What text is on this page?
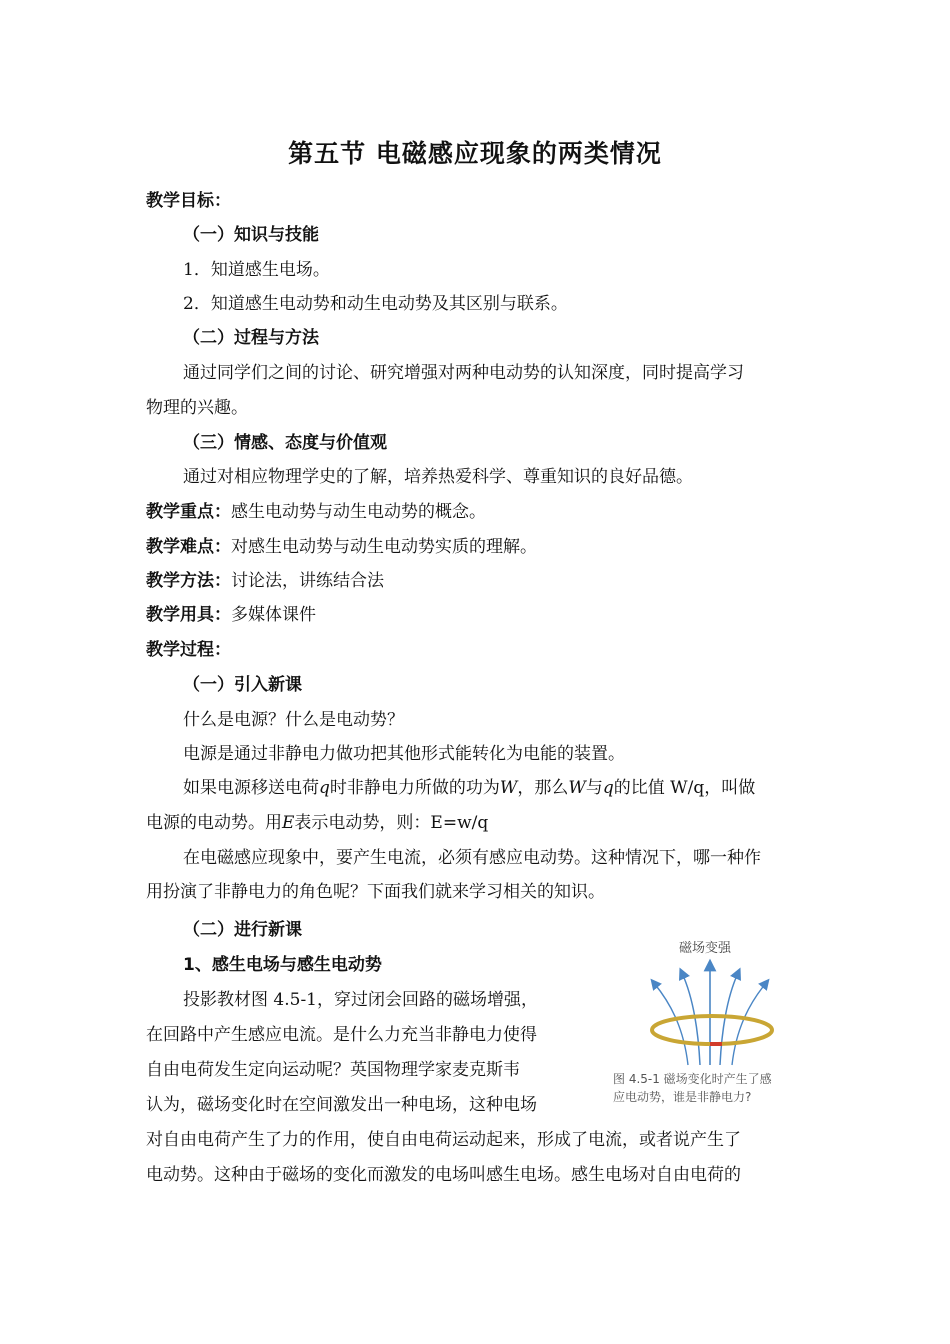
第五节 电磁感应现象的两类情况
教学目标：
（一）知识与技能
1．知道感生电场。
2．知道感生电动势和动生电动势及其区别与联系。
（二）过程与方法
通过同学们之间的讨论、研究增强对两种电动势的认知深度，同时提高学习
物理的兴趣。
（三）情感、态度与价值观
通过对相应物理学史的了解，培养热爱科学、尊重知识的良好品德。
教学重点：感生电动势与动生电动势的概念。
教学难点：对感生电动势与动生电动势实质的理解。
教学方法：讨论法，讲练结合法
教学用具：多媒体课件
教学过程：
（一）引入新课
什么是电源？什么是电动势？
电源是通过非静电力做功把其他形式能转化为电能的装置。
如果电源移送电荷q时非静电力所做的功为W，那么W与q的比值 W/q，叫做
电源的电动势。用E表示电动势，则：E=w/q
在电磁感应现象中，要产生电流，必须有感应电动势。这种情况下，哪一种作
用扮演了非静电力的角色呢？下面我们就来学习相关的知识。
（二）进行新课
1、感生电场与感生电动势
投影教材图 4.5-1，穿过闭会回路的磁场增强，
在回路中产生感应电流。是什么力充当非静电力使得
自由电荷发生定向运动呢？英国物理学家麦克斯韦
认为，磁场变化时在空间激发出一种电场，这种电场
对自由电荷产生了力的作用，使自由电荷运动起来，形成了电流，或者说产生了
电动势。这种由于磁场的变化而激发的电场叫感生电场。感生电场对自由电荷的
磁场变强
图 4.5-1 磁场变化时产生了感
应电动势，谁是非静电力?
